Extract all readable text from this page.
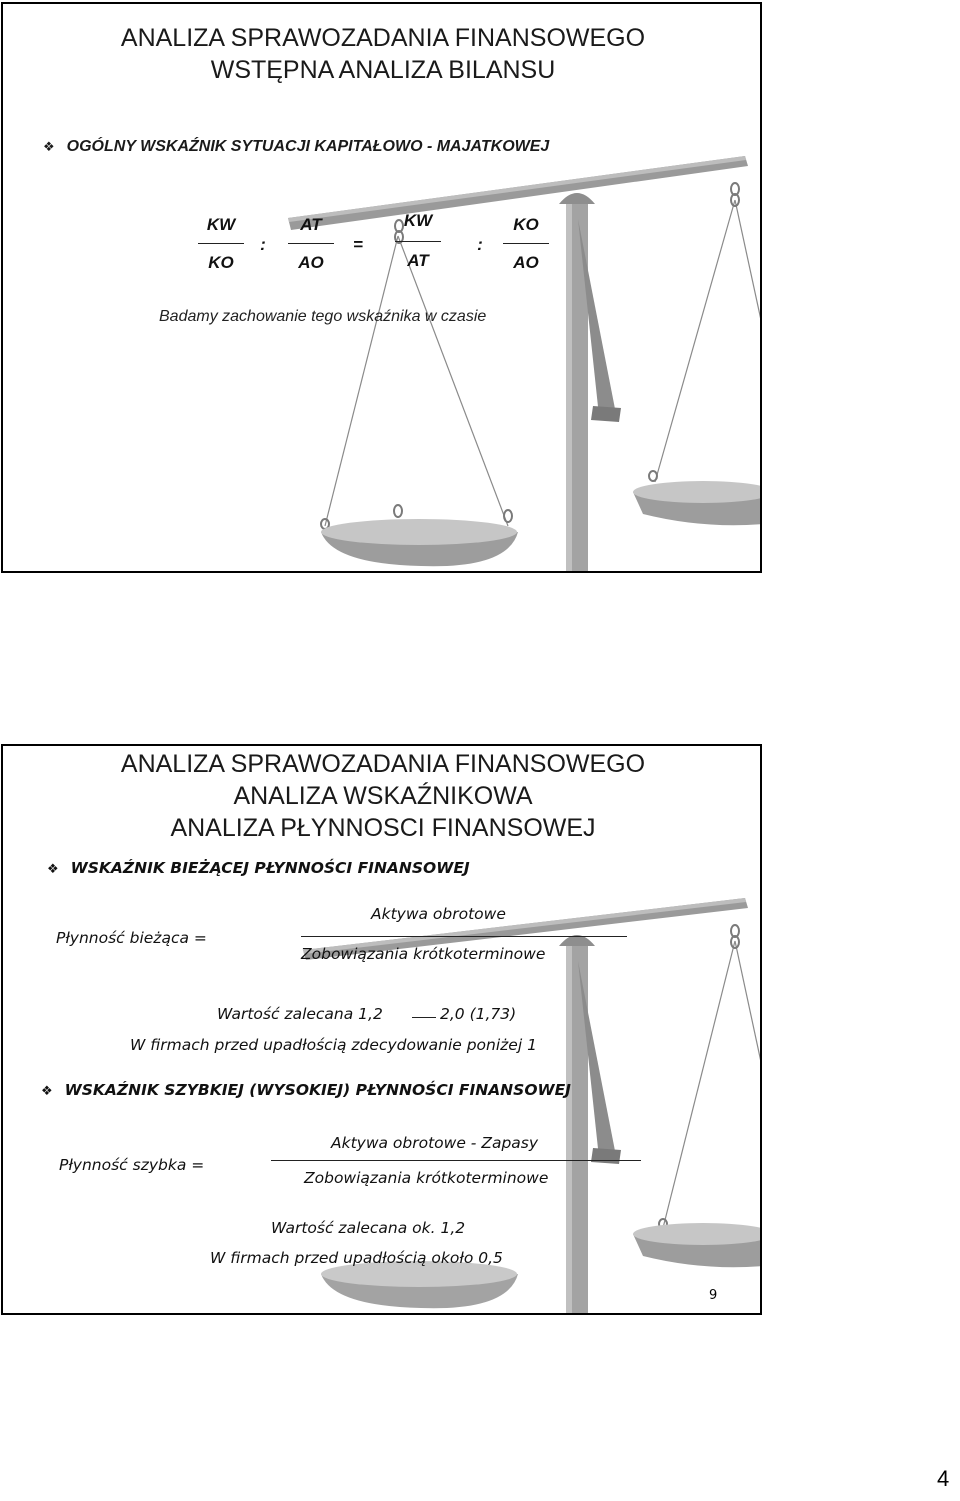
ANALIZA SPRAWOZADANIA FINANSOWEGO
WSTĘPNA ANALIZA BILANSU
❖ OGÓLNY WSKAŹNIK SYTUACJI KAPITAŁOWO - MAJATKOWEJ
KW
KO
:
AT
AO
=
KW
AT
:
KO
AO
Badamy zachowanie tego wskaźnika w czasie
ANALIZA SPRAWOZADANIA FINANSOWEGO
ANALIZA WSKAŹNIKOWA
ANALIZA PŁYNNOSCI FINANSOWEJ
❖ WSKAŹNIK BIEŻĄCEJ PŁYNNOŚCI FINANSOWEJ
Płynność bieżąca =
Aktywa obrotowe
Zobowiązania krótkoterminowe
Wartość zalecana 1,2	2,0 (1,73)
W firmach przed upadłością zdecydowanie poniżej 1
❖ WSKAŹNIK SZYBKIEJ (WYSOKIEJ) PŁYNNOŚCI FINANSOWEJ
Płynność szybka =
Aktywa obrotowe - Zapasy
Zobowiązania krótkoterminowe
Wartość zalecana ok. 1,2
W firmach przed upadłością około 0,5
9
4
